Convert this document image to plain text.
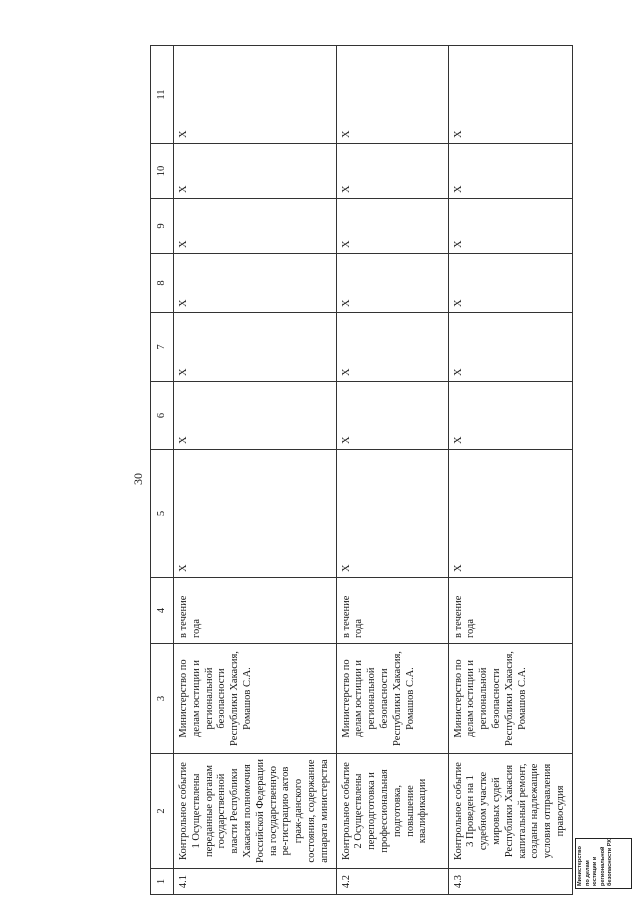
30
1	2	3	4	5	6	7	8	9	10	11
4.1	Контрольное событие 1 Осуществлены переданные органам государственной власти Республики Хакасия полномочия Российской Федерации на государственную ре-гистрацию актов граж-данского состояния, содержание аппарата министерства	Министерство по делам юстиции и региональной безопасности Республики Хакасия, Ромашов С.А.	в течение года	X	X	X	X	X	X	X
4.2	Контрольное событие 2 Осуществлены переподготовка и профессиональная подготовка, повышение квалификации	Министерство по делам юстиции и региональной безопасности Республики Хакасия, Ромашов С.А.	в течение года	X	X	X	X	X	X	X
4.3	Контрольное событие 3 Проведен на 1 судебном участке мировых судей Республики Хакасия капитальный ремонт, созданы надлежащие условия отправления правосудия	Министерство по делам юстиции и региональной безопасности Республики Хакасия, Ромашов С.А.	в течение года	X	X	X	X	X	X	X
Министерство по делам юстиции и региональной безопасности РХ
